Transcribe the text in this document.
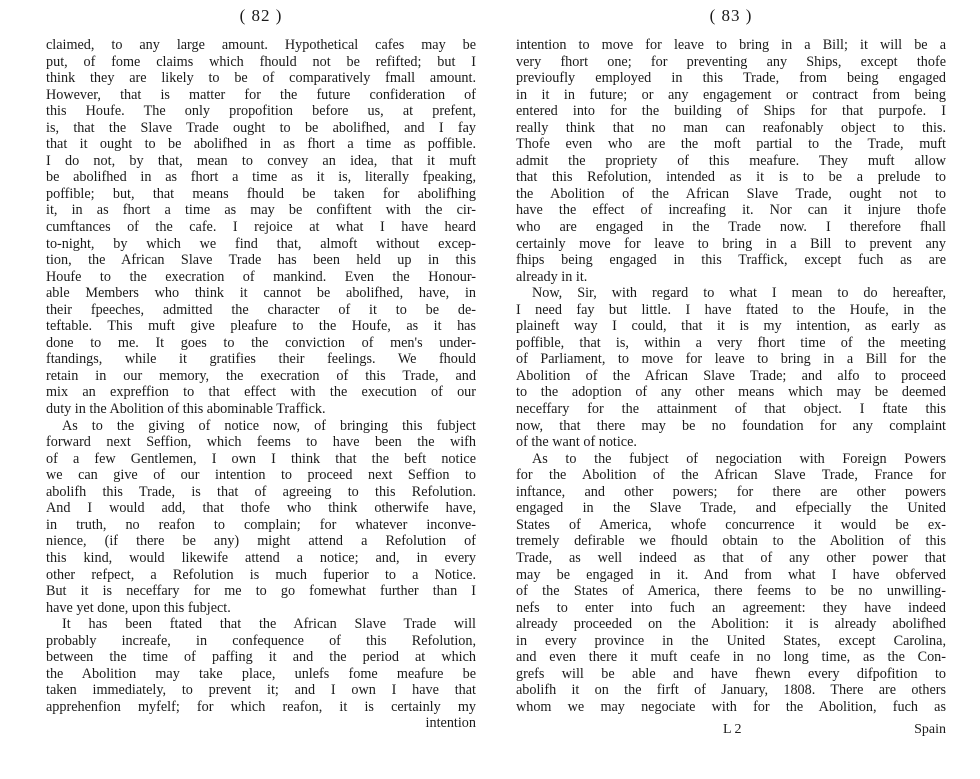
( 82 )
claimed, to any large amount. Hypothetical cafes may be
put, of fome claims which fhould not be refifted; but I
think they are likely to be of comparatively fmall amount.
However, that is matter for the future confideration of
this Houfe. The only propofition before us, at prefent,
is, that the Slave Trade ought to be abolifhed, and I fay
that it ought to be abolifhed in as fhort a time as poffible.
I do not, by that, mean to convey an idea, that it muft
be abolifhed in as fhort a time as it is, literally fpeaking,
poffible; but, that means fhould be taken for abolifhing
it, in as fhort a time as may be confiftent with the cir-
cumftances of the cafe. I rejoice at what I have heard
to-night, by which we find that, almoft without excep-
tion, the African Slave Trade has been held up in this
Houfe to the execration of mankind. Even the Honour-
able Members who think it cannot be abolifhed, have, in
their fpeeches, admitted the character of it to be de-
teftable. This muft give pleafure to the Houfe, as it has
done to me. It goes to the conviction of men's under-
ftandings, while it gratifies their feelings. We fhould
retain in our memory, the execration of this Trade, and
mix an expreffion to that effect with the execution of our
duty in the Abolition of this abominable Traffick.
As to the giving of notice now, of bringing this fubject
forward next Seffion, which feems to have been the wifh
of a few Gentlemen, I own I think that the beft notice
we can give of our intention to proceed next Seffion to
abolifh this Trade, is that of agreeing to this Refolution.
And I would add, that thofe who think otherwife have,
in truth, no reafon to complain; for whatever inconve-
nience, (if there be any) might attend a Refolution of
this kind, would likewife attend a notice; and, in every
other refpect, a Refolution is much fuperior to a Notice.
But it is neceffary for me to go fomewhat further than I
have yet done, upon this fubject.
It has been ftated that the African Slave Trade will
probably increafe, in confequence of this Refolution,
between the time of paffing it and the period at which
the Abolition may take place, unlefs fome meafure be
taken immediately, to prevent it; and I own I have that
apprehenfion myfelf; for which reafon, it is certainly my
intention
( 83 )
intention to move for leave to bring in a Bill; it will be a
very fhort one; for preventing any Ships, except thofe
previoufly employed in this Trade, from being engaged
in it in future; or any engagement or contract from being
entered into for the building of Ships for that purpofe. I
really think that no man can reafonably object to this.
Thofe even who are the moft partial to the Trade, muft
admit the propriety of this meafure. They muft allow
that this Refolution, intended as it is to be a prelude to
the Abolition of the African Slave Trade, ought not to
have the effect of increafing it. Nor can it injure thofe
who are engaged in the Trade now. I therefore fhall
certainly move for leave to bring in a Bill to prevent any
fhips being engaged in this Traffick, except fuch as are
already in it.
Now, Sir, with regard to what I mean to do hereafter,
I need fay but little. I have ftated to the Houfe, in the
plaineft way I could, that it is my intention, as early as
poffible, that is, within a very fhort time of the meeting
of Parliament, to move for leave to bring in a Bill for the
Abolition of the African Slave Trade; and alfo to proceed
to the adoption of any other means which may be deemed
neceffary for the attainment of that object. I ftate this
now, that there may be no foundation for any complaint
of the want of notice.
As to the fubject of negociation with Foreign Powers
for the Abolition of the African Slave Trade, France for
inftance, and other powers; for there are other powers
engaged in the Slave Trade, and efpecially the United
States of America, whofe concurrence it would be ex-
tremely defirable we fhould obtain to the Abolition of this
Trade, as well indeed as that of any other power that
may be engaged in it. And from what I have obferved
of the States of America, there feems to be no unwilling-
nefs to enter into fuch an agreement: they have indeed
already proceeded on the Abolition: it is already abolifhed
in every province in the United States, except Carolina,
and even there it muft ceafe in no long time, as the Con-
grefs will be able and have fhewn every difpofition to
abolifh it on the firft of January, 1808. There are others
whom we may negociate with for the Abolition, fuch as
L 2	Spain
